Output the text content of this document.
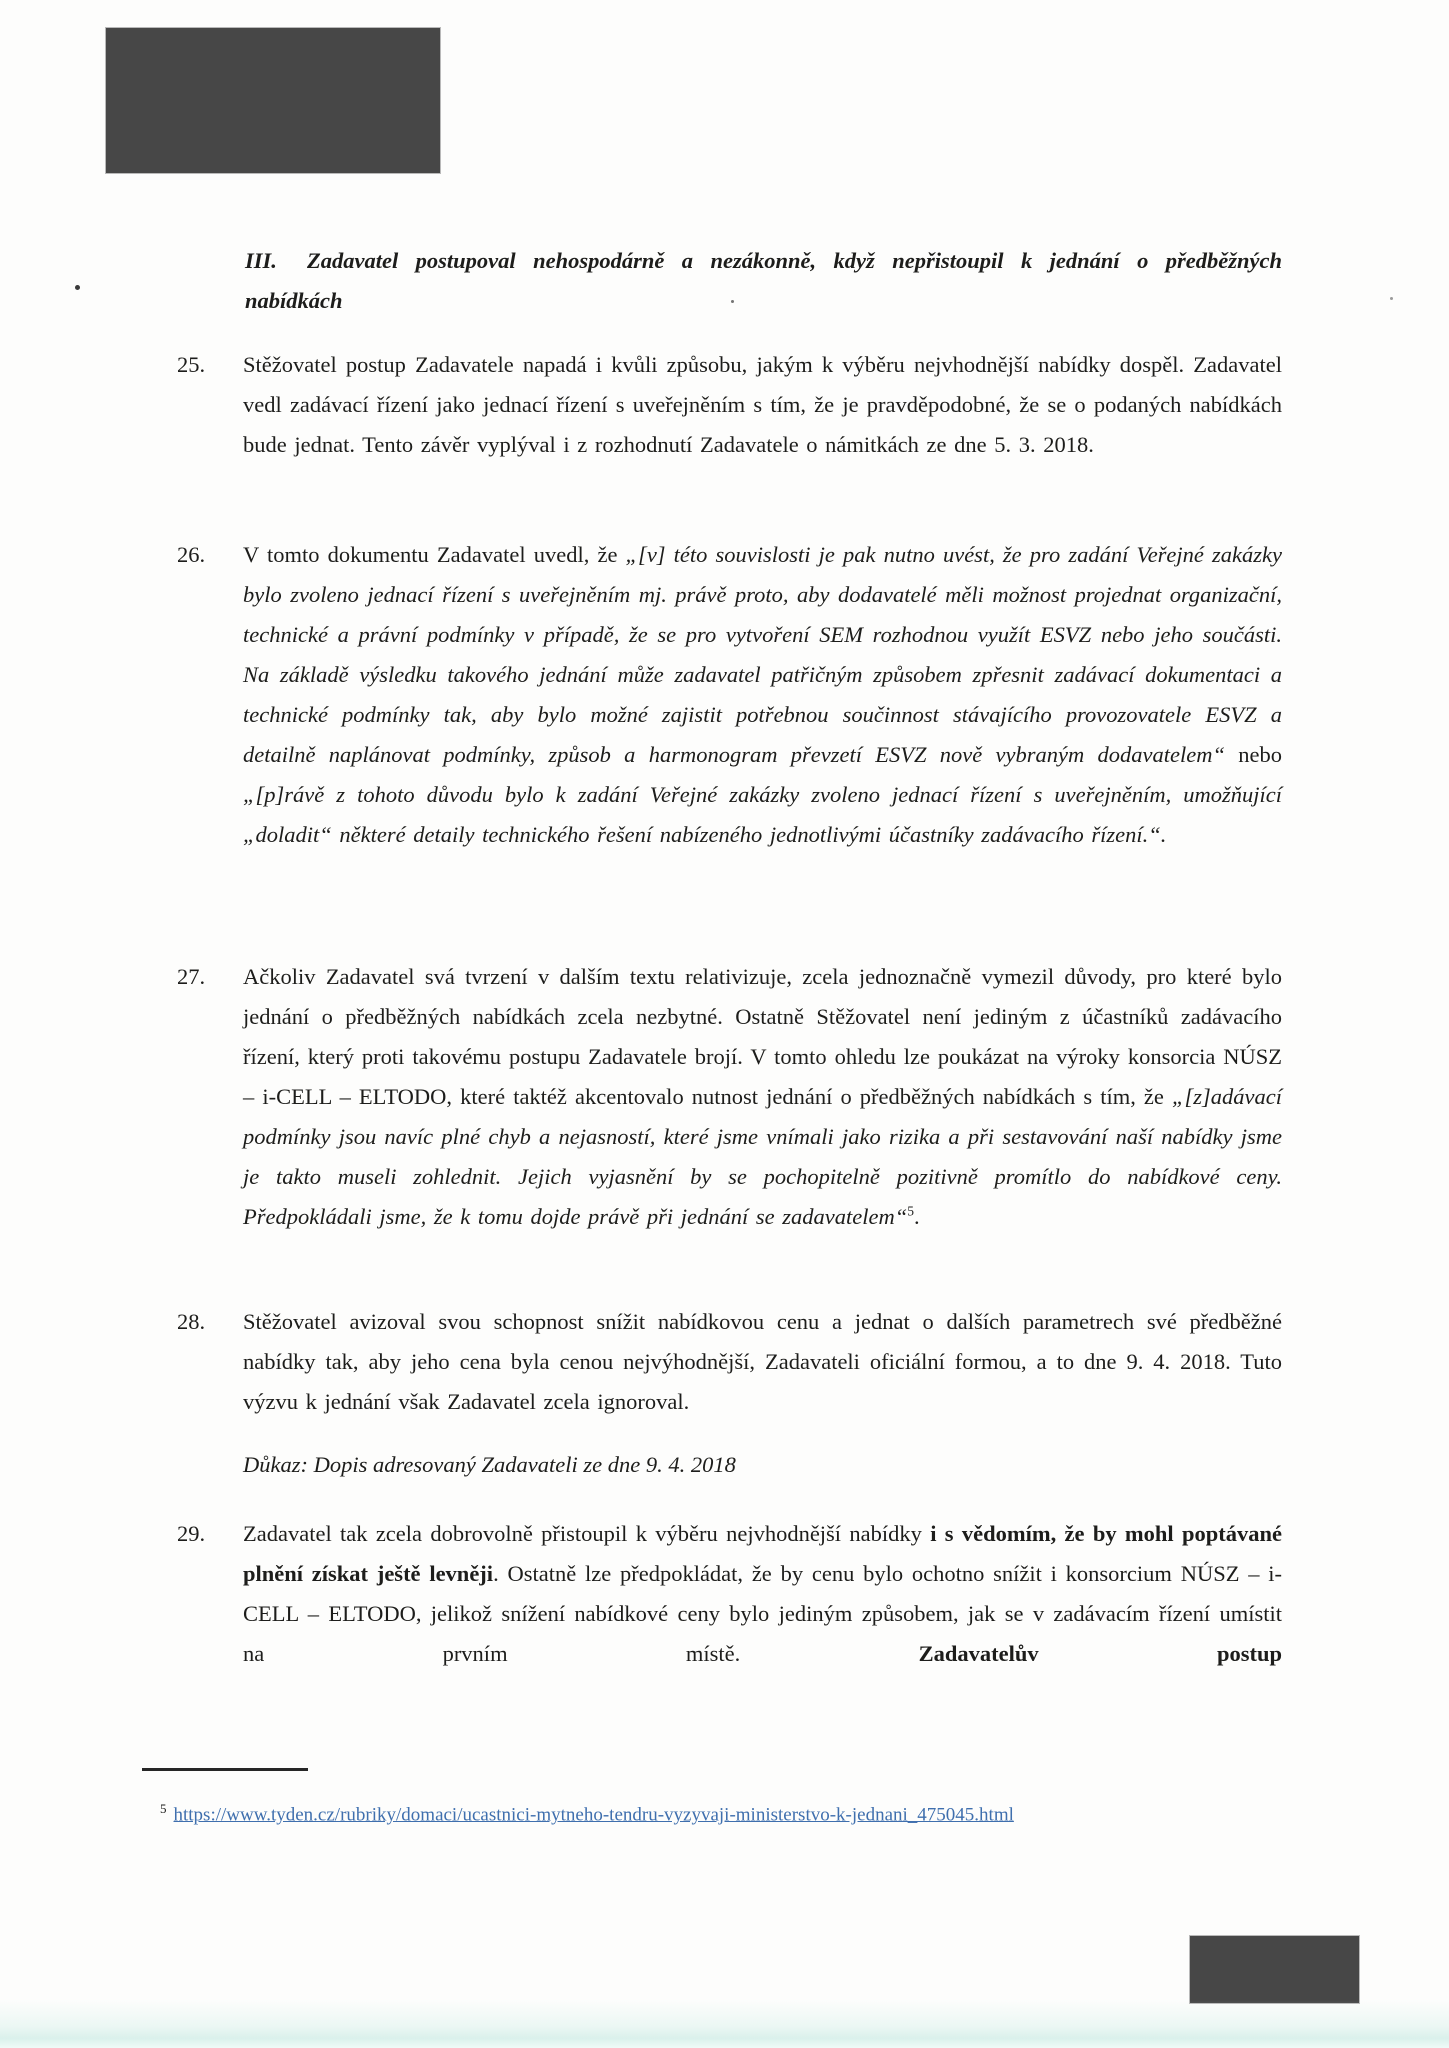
III. Zadavatel postupoval nehospodárně a nezákonně, když nepřistoupil k jednání o předběžných nabídkách
25. Stěžovatel postup Zadavatele napadá i kvůli způsobu, jakým k výběru nejvhodnější nabídky dospěl. Zadavatel vedl zadávací řízení jako jednací řízení s uveřejněním s tím, že je pravděpodobné, že se o podaných nabídkách bude jednat. Tento závěr vyplýval i z rozhodnutí Zadavatele o námitkách ze dne 5. 3. 2018.
26. V tomto dokumentu Zadavatel uvedl, že „[v] této souvislosti je pak nutno uvést, že pro zadání Veřejné zakázky bylo zvoleno jednací řízení s uveřejněním mj. právě proto, aby dodavatelé měli možnost projednat organizační, technické a právní podmínky v případě, že se pro vytvoření SEM rozhodnou využít ESVZ nebo jeho součásti. Na základě výsledku takového jednání může zadavatel patřičným způsobem zpřesnit zadávací dokumentaci a technické podmínky tak, aby bylo možné zajistit potřebnou součinnost stávajícího provozovatele ESVZ a detailně naplánovat podmínky, způsob a harmonogram převzetí ESVZ nově vybraným dodavatelem“ nebo „[p]rávě z tohoto důvodu bylo k zadání Veřejné zakázky zvoleno jednací řízení s uveřejněním, umožňující „doladit“ některé detaily technického řešení nabízeného jednotlivými účastníky zadávacího řízení.“.
27. Ačkoliv Zadavatel svá tvrzení v dalším textu relativizuje, zcela jednoznačně vymezil důvody, pro které bylo jednání o předběžných nabídkách zcela nezbytné. Ostatně Stěžovatel není jediným z účastníků zadávacího řízení, který proti takovému postupu Zadavatele brojí. V tomto ohledu lze poukázat na výroky konsorcia NÚSZ – i-CELL – ELTODO, které taktéž akcentovalo nutnost jednání o předběžných nabídkách s tím, že „[z]adávací podmínky jsou navíc plné chyb a nejasností, které jsme vnímali jako rizika a při sestavování naší nabídky jsme je takto museli zohlednit. Jejich vyjasnění by se pochopitelně pozitivně promítlo do nabídkové ceny. Předpokládali jsme, že k tomu dojde právě při jednání se zadavatelem“$^5$.
28. Stěžovatel avizoval svou schopnost snížit nabídkovou cenu a jednat o dalších parametrech své předběžné nabídky tak, aby jeho cena byla cenou nejvýhodnější, Zadavateli oficiální formou, a to dne 9. 4. 2018. Tuto výzvu k jednání však Zadavatel zcela ignoroval.
Důkaz: Dopis adresovaný Zadavateli ze dne 9. 4. 2018
29. Zadavatel tak zcela dobrovolně přistoupil k výběru nejvhodnější nabídky i s vědomím, že by mohl poptávané plnění získat ještě levněji. Ostatně lze předpokládat, že by cenu bylo ochotno snížit i konsorcium NÚSZ – i-CELL – ELTODO, jelikož snížení nabídkové ceny bylo jediným způsobem, jak se v zadávacím řízení umístit na prvním místě. Zadavatelův postup
$^5$ https://www.tyden.cz/rubriky/domaci/ucastnici-mytneho-tendru-vyzyvaji-ministerstvo-k-jednani_475045.html
